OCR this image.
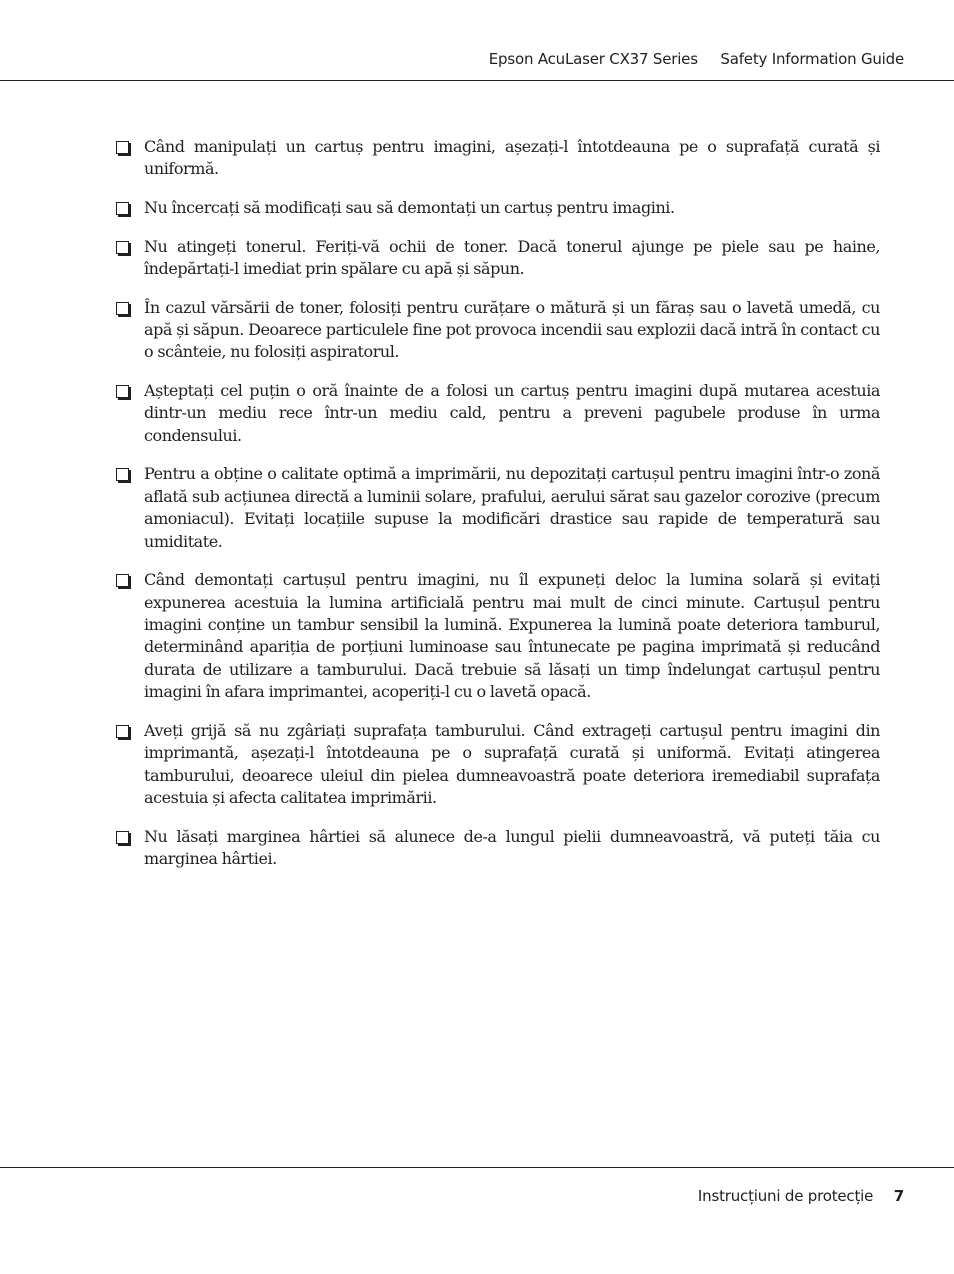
Epson AcuLaser CX37 Series Safety Information Guide
Când manipulați un cartuș pentru imagini, așezați-l întotdeauna pe o suprafață curată și uniformă.
Nu încercați să modificați sau să demontați un cartuș pentru imagini.
Nu atingeți tonerul. Feriți-vă ochii de toner. Dacă tonerul ajunge pe piele sau pe haine, îndepărtați-l imediat prin spălare cu apă și săpun.
În cazul vărsării de toner, folosiți pentru curățare o mătură și un făraș sau o lavetă umedă, cu apă și săpun. Deoarece particulele fine pot provoca incendii sau explozii dacă intră în contact cu o scânteie, nu folosiți aspiratorul.
Așteptați cel puțin o oră înainte de a folosi un cartuș pentru imagini după mutarea acestuia dintr-un mediu rece într-un mediu cald, pentru a preveni pagubele produse în urma condensului.
Pentru a obține o calitate optimă a imprimării, nu depozitați cartușul pentru imagini într-o zonă aflată sub acțiunea directă a luminii solare, prafului, aerului sărat sau gazelor corozive (precum amoniacul). Evitați locațiile supuse la modificări drastice sau rapide de temperatură sau umiditate.
Când demontați cartușul pentru imagini, nu îl expuneți deloc la lumina solară și evitați expunerea acestuia la lumina artificială pentru mai mult de cinci minute. Cartușul pentru imagini conține un tambur sensibil la lumină. Expunerea la lumină poate deteriora tamburul, determinând apariția de porțiuni luminoase sau întunecate pe pagina imprimată și reducând durata de utilizare a tamburului. Dacă trebuie să lăsați un timp îndelungat cartușul pentru imagini în afara imprimantei, acoperiți-l cu o lavetă opacă.
Aveți grijă să nu zgâriați suprafața tamburului. Când extrageți cartușul pentru imagini din imprimantă, așezați-l întotdeauna pe o suprafață curată și uniformă. Evitați atingerea tamburului, deoarece uleiul din pielea dumneavoastră poate deteriora iremediabil suprafața acestuia și afecta calitatea imprimării.
Nu lăsați marginea hârtiei să alunece de-a lungul pielii dumneavoastră, vă puteți tăia cu marginea hârtiei.
Instrucțiuni de protecție 7
